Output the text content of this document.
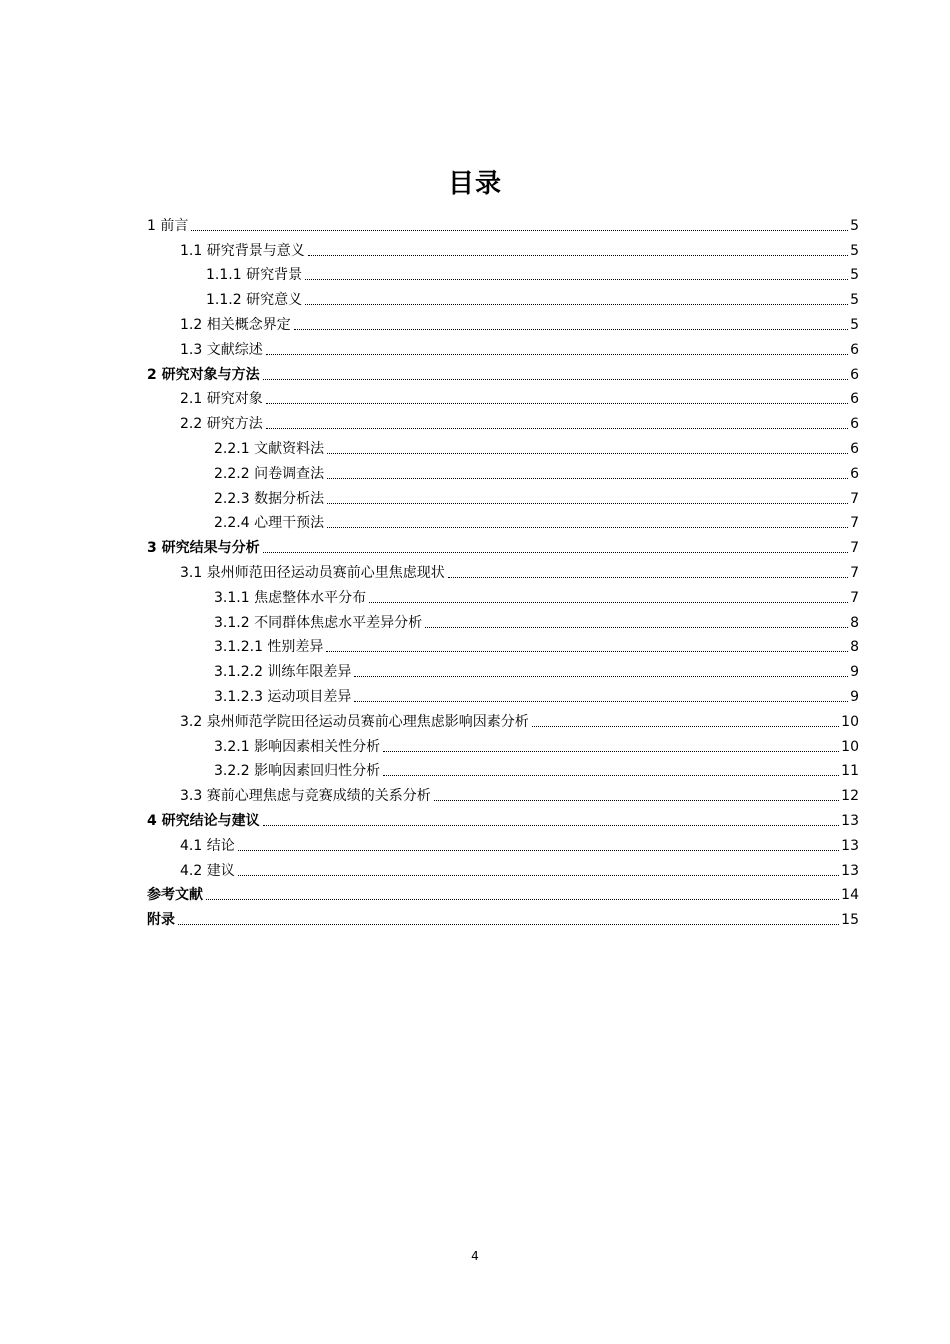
目录
1 前言	5
1.1 研究背景与意义	5
1.1.1 研究背景	5
1.1.2 研究意义	5
1.2 相关概念界定	5
1.3 文献综述	6
2 研究对象与方法	6
2.1 研究对象	6
2.2 研究方法	6
2.2.1 文献资料法	6
2.2.2 问卷调查法	6
2.2.3 数据分析法	7
2.2.4 心理干预法	7
3 研究结果与分析	7
3.1 泉州师范田径运动员赛前心里焦虑现状	7
3.1.1 焦虑整体水平分布	7
3.1.2 不同群体焦虑水平差异分析	8
3.1.2.1 性别差异	8
3.1.2.2 训练年限差异	9
3.1.2.3 运动项目差异	9
3.2 泉州师范学院田径运动员赛前心理焦虑影响因素分析	10
3.2.1 影响因素相关性分析	10
3.2.2 影响因素回归性分析	11
3.3 赛前心理焦虑与竞赛成绩的关系分析	12
4 研究结论与建议	13
4.1 结论	13
4.2 建议	13
参考文献	14
附录	15
4
